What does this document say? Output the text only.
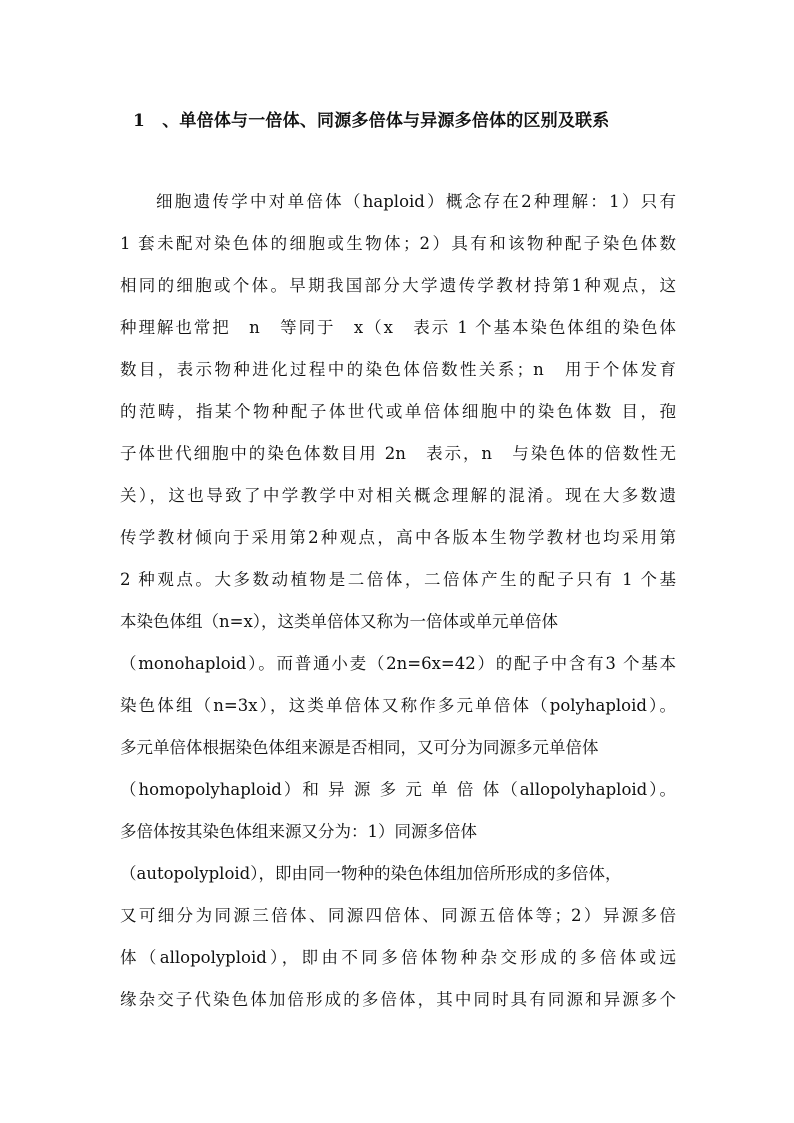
1　、单倍体与一倍体、同源多倍体与异源多倍体的区别及联系
细胞遗传学中对单倍体（haploid）概念存在2种理解：1）只有
1 套未配对染色体的细胞或生物体；2）具有和该物种配子染色体数
相同的细胞或个体。早期我国部分大学遗传学教材持第1种观点，这
种理解也常把　n　等同于　x（x　表示 1 个基本染色体组的染色体
数目，表示物种进化过程中的染色体倍数性关系；n　用于个体发育
的范畴，指某个物种配子体世代或单倍体细胞中的染色体数 目，孢
子体世代细胞中的染色体数目用 2n　表示，n　与染色体的倍数性无
关），这也导致了中学教学中对相关概念理解的混淆。现在大多数遗
传学教材倾向于采用第2种观点，高中各版本生物学教材也均采用第
2 种观点。大多数动植物是二倍体，二倍体产生的配子只有 1 个基
本染色体组（n=x），这类单倍体又称为一倍体或单元单倍体
（monohaploid）。而普通小麦（2n=6x=42）的配子中含有3 个基本
染色体组（n=3x），这类单倍体又称作多元单倍体（polyhaploid）。
多元单倍体根据染色体组来源是否相同，又可分为同源多元单倍体
（homopolyhaploid）和 异 源 多 元 单 倍 体（allopolyhaploid）。
多倍体按其染色体组来源又分为：1）同源多倍体
（autopolyploid），即由同一物种的染色体组加倍所形成的多倍体，
又可细分为同源三倍体、同源四倍体、同源五倍体等；2）异源多倍
体（allopolyploid），即由不同多倍体物种杂交形成的多倍体或远
缘杂交子代染色体加倍形成的多倍体，其中同时具有同源和异源多个
